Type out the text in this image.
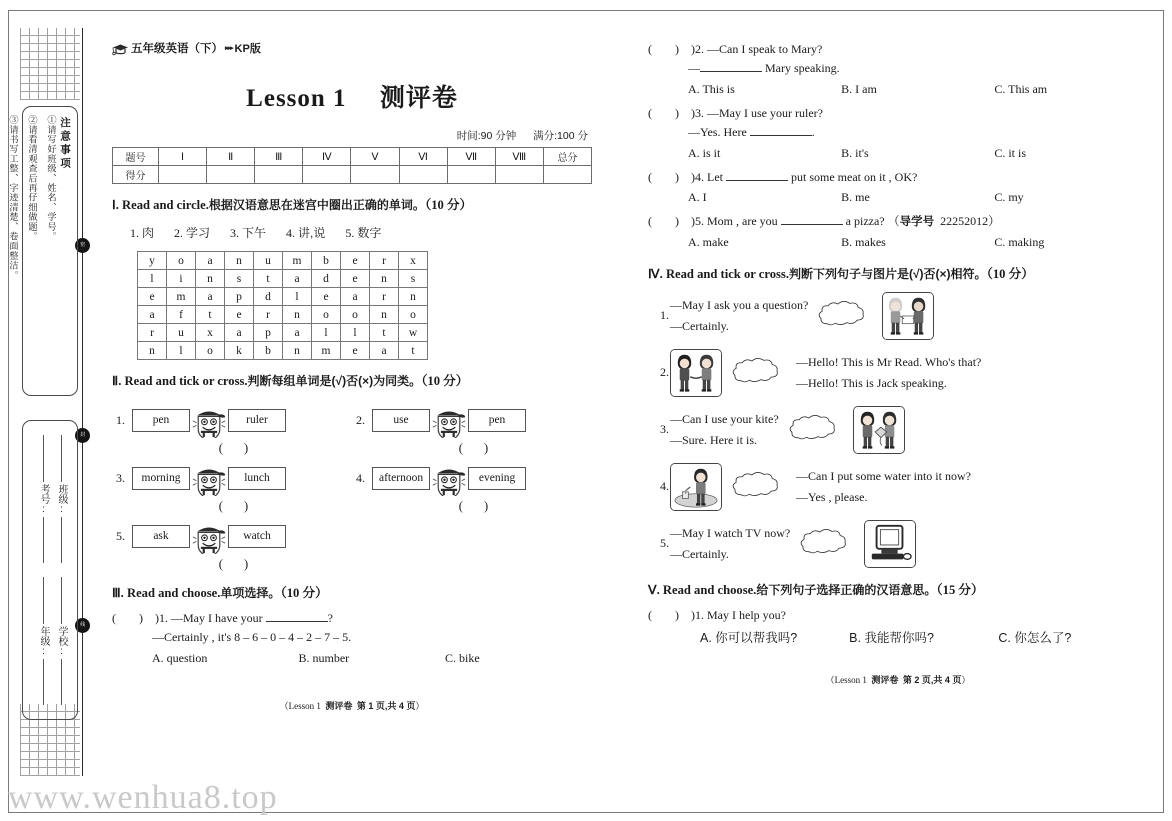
密
封
线
注意事项
①请写好班级、姓名、学号。
②请看清观查后再仔细做题。
③请书写工整、字迹清楚、卷面整洁。
班级:
考号:
学校:
年级:
五年级英语（下） ▸▸▸ KP版
Lesson 1 测评卷
时间:90 分钟 满分:100 分
题号	Ⅰ	Ⅱ	Ⅲ	Ⅳ	Ⅴ	Ⅵ	Ⅶ	Ⅷ	总分
得分									
Ⅰ. Read and circle.根据汉语意思在迷宫中圈出正确的单词。（10 分）
1. 肉 2. 学习 3. 下午 4. 讲,说 5. 数字
y	o	a	n	u	m	b	e	r	x
l	i	n	s	t	a	d	e	n	s
e	m	a	p	d	l	e	a	r	n
a	f	t	e	r	n	o	o	n	o
r	u	x	a	p	a	l	l	t	w
n	l	o	k	b	n	m	e	a	t
Ⅱ. Read and tick or cross.判断每组单词是(√)否(×)为同类。（10 分）
1.	pen	ruler
( )
2.	use	pen
( )
3.	morning	lunch
( )
4.	afternoon	evening
( )
5.	ask	watch
( )
Ⅲ. Read and choose.单项选择。（10 分）
( ) )1. —May I have your	?
—Certainly , it's 8 – 6 – 0 – 4 – 2 – 7 – 5.
A. question	B. number	C. bike
（Lesson 1 测评卷 第 1 页,共 4 页）
( ) )2. —Can I speak to Mary?
—	Mary speaking.
A. This is	B. I am	C. This am
( ) )3. —May I use your ruler?
—Yes. Here	.
A. is it	B. it's	C. it is
( ) )4. Let	put some meat on it , OK?
A. I	B. me	C. my
( ) )5. Mom , are you	a pizza? （导学号 22252012）
A. make	B. makes	C. making
Ⅳ. Read and tick or cross.判断下列句子与图片是(√)否(×)相符。（10 分）
1.
—May I ask you a question?
—Certainly.
2.
—Hello! This is Mr Read. Who's that?
—Hello! This is Jack speaking.
3.
—Can I use your kite?
—Sure. Here it is.
4.
—Can I put some water into it now?
—Yes , please.
5.
—May I watch TV now?
—Certainly.
Ⅴ. Read and choose.给下列句子选择正确的汉语意思。（15 分）
( ) )1. May I help you?
A. 你可以帮我吗?	B. 我能帮你吗?	C. 你怎么了?
（Lesson 1 测评卷 第 2 页,共 4 页）
www.wenhua8.top
